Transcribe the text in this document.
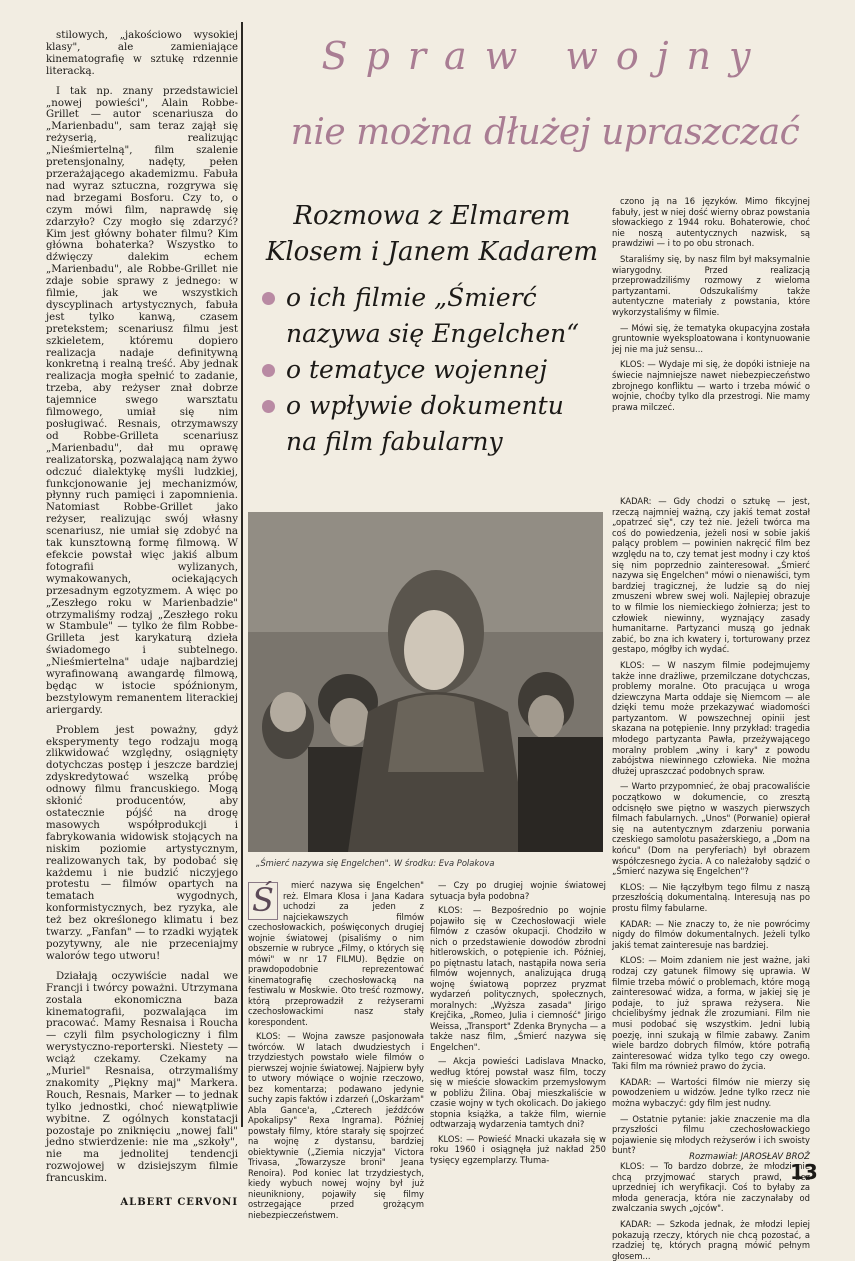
stilowych, „jakościowo wysokiej klasy", ale zamieniające kinematografię w sztukę rdzennie literacką.

I tak np. znany przedstawiciel „nowej powieści", Alain Robbe-Grillet — autor scenariusza do „Marienbadu", sam teraz zajął się reżyserią, realizując „Nieśmiertelną", film szalenie pretensjonalny, nadęty, pełen przerażającego akademizmu. Fabuła nad wyraz sztuczna, rozgrywa się nad brzegami Bosforu. Czy to, o czym mówi film, naprawdę się zdarzyło? Czy mogło się zdarzyć? Kim jest główny bohater filmu? Kim główna bohaterka? Wszystko to dźwięczy dalekim echem „Marienbadu", ale Robbe-Grillet nie zdaje sobie sprawy z jednego: w filmie, jak we wszystkich dyscyplinach artystycznych, fabuła jest tylko kanwą, czasem pretekstem; scenariusz filmu jest szkieletem, któremu dopiero realizacja nadaje definitywną konkretną i realną treść. Aby jednak realizacja mogła spełnić to zadanie, trzeba, aby reżyser znał dobrze tajemnice swego warsztatu filmowego, umiał się nim posługiwać. Resnais, otrzymawszy od Robbe-Grilleta scenariusz „Marienbadu", dał mu oprawę realizatorską, pozwalającą nam żywo odczuć dialektykę myśli ludzkiej, funkcjonowanie jej mechanizmów, płynny ruch pamięci i zapomnienia. Natomiast Robbe-Grillet jako reżyser, realizując swój własny scenariusz, nie umiał się zdobyć na tak kunsztowną formę filmową. W efekcie powstał więc jakiś album fotografii wylizanych, wymakowanych, ociekających przesadnym egzotyzmem. A więc po „Zeszłego roku w Marienbadzie" otrzymaliśmy rodzaj „Zeszłego roku w Stambule" — tylko że film Robbe-Grilleta jest karykaturą dzieła świadomego i subtelnego. „Nieśmiertelna" udaje najbardziej wyrafinowaną awangardę filmową, będąc w istocie spóźnionym, bezstylowym remanentem literackiej ariergardy.

Problem jest poważny, gdyż eksperymenty tego rodzaju mogą zlikwidować względny, osiągnięty dotychczas postęp i jeszcze bardziej zdyskredytować wszelką próbę odnowy filmu francuskiego. Mogą skłonić producentów, aby ostatecznie pójść na drogę masowych współprodukcji i fabrykowania widowisk stojących na niskim poziomie artystycznym, realizowanych tak, by podobać się każdemu i nie budzić niczyjego protestu — filmów opartych na tematach wygodnych, konformistycznych, bez ryzyka, ale też bez określonego klimatu i bez twarzy. „Fanfan" — to rzadki wyjątek pozytywny, ale nie przeceniajmy walorów tego utworu!

Działają oczywiście nadal we Francji i twórcy poważni. Utrzymana zostala ekonomiczna baza kinematografii, pozwalająca im pracować. Mamy Resnaisa i Roucha — czyli film psychologiczny i film werystyczno-reporterski. Niestety — wciąż czekamy. Czekamy na „Muriel" Resnaisa, otrzymaliśmy znakomity „Piękny maj" Markera. Rouch, Resnais, Marker — to jednak tylko jednostki, choć niewątpliwie wybitne. Z ogólnych konstatacji pozostaje po zniknięciu „nowej fali" jedno stwierdzenie: nie ma „szkoły", nie ma jednolitej tendencji rozwojowej w dzisiejszym filmie francuskim.

ALBERT CERVONI
Spraw wojny
nie można dłużej upraszczać
Rozmowa z Elmarem Klosem i Janem Kadarem
o ich filmie „Śmierć nazywa się Engelchen“
o tematyce wojennej
o wpływie dokumentu na film fabularny

czono ją na 16 języków. Mimo fikcyjnej fabuły, jest w niej dość wierny obraz powstania słowackiego z 1944 roku. Bohaterowie, choć nie noszą autentycznych nazwisk, są prawdziwi — i to po obu stronach.

Staraliśmy się, by nasz film był maksymalnie wiarygodny. Przed realizacją przeprowadziliśmy rozmowy z wieloma partyzantami. Odszukaliśmy także autentyczne materiały z powstania, które wykorzystaliśmy w filmie.

— Mówi się, że tematyka okupacyjna została gruntownie wyeksploatowana i kontynuowanie jej nie ma już sensu...

KLOS: — Wydaje mi się, że dopóki istnieje na świecie najmniejsze nawet niebezpieczeństwo zbrojnego konfliktu — warto i trzeba mówić o wojnie, choćby tylko dla przestrogi. Nie mamy prawa milczeć.

KADAR: — Gdy chodzi o sztukę — jest, rzeczą najmniej ważną, czy jakiś temat został „opatrzeć się", czy też nie. Jeżeli twórca ma coś do powiedzenia, jeżeli nosi w sobie jakiś palący problem — powinien nakręcić film bez względu na to, czy temat jest modny i czy ktoś się nim poprzednio zainteresował. „Śmierć nazywa się Engelchen" mówi o nienawiści, tym bardziej tragicznej, że ludzie są do niej zmuszeni wbrew swej woli. Najlepiej obrazuje to w filmie los niemieckiego żołnierza; jest to człowiek niewinny, wyznający zasady humanitarne. Partyzanci muszą go jednak zabić, bo zna ich kwatery i, torturowany przez gestapo, mógłby ich wydać.

KLOS: — W naszym filmie podejmujemy także inne drażliwe, przemilczane dotychczas, problemy moralne. Oto pracująca u wroga dziewczyna Marta oddaje się Niemcom — ale dzięki temu może przekazywać wiadomości partyzantom. W powszechnej opinii jest skazana na potępienie. Inny przykład: tragedia młodego partyzanta Pawła, przeżywającego moralny problem „winy i kary" z powodu zabójstwa niewinnego człowieka. Nie można dłużej upraszczać podobnych spraw.

— Warto przypomnieć, że obaj pracowaliście początkowo w dokumencie, co zresztą odcisnęło swe piętno w waszych pierwszych filmach fabularnych. „Unos" (Porwanie) opierał się na autentycznym zdarzeniu porwania czeskiego samolotu pasażerskiego, a „Dom na końcu" (Dom na peryferiach) był obrazem współczesnego życia. A co należałoby sądzić o „Śmierć nazywa się Engelchen"?

KLOS: — Nie łączyłbym tego filmu z naszą przeszłością dokumentalną. Interesują nas po prostu filmy fabularne.

KADAR: — Nie znaczy to, że nie powrócimy nigdy do filmów dokumentalnych. Jeżeli tylko jakiś temat zainteresuje nas bardziej.

KLOS: — Moim zdaniem nie jest ważne, jaki rodzaj czy gatunek filmowy się uprawia. W filmie trzeba mówić o problemach, które mogą zainteresować widza, a forma, w jakiej się je podaje, to już sprawa reżysera. Nie chcielibyśmy jednak źle zrozumiani. Film nie musi podobać się wszystkim. Jedni lubią poezję, inni szukają w filmie zabawy. Zanim wiele bardzo dobrych filmów, które potrafią zainteresować widza tylko tego czy owego. Taki film ma również prawo do życia.

KADAR: — Wartości filmów nie mierzy się powodzeniem u widzów. Jedne tylko rzecz nie można wybaczyć: gdy film jest nudny.

— Ostatnie pytanie: jakie znaczenie ma dla przyszłości filmu czechosłowackiego pojawienie się młodych reżyserów i ich swoisty bunt?

KLOS: — To bardzo dobrze, że młodzi nie chcą przyjmować starych prawd, bez uprzedniej ich weryfikacji. Coś to byłaby za młoda generacja, która nie zaczynałaby od zwalczania swych „ojców".

KADAR: — Szkoda jednak, że młodzi lepiej pokazują rzeczy, których nie chcą pozostać, a rzadziej tę, których pragną mówić pełnym głosem...

„Śmierć nazywa się Engelchen". W środku: Eva Polakova
Ś	mierć nazywa się Engelchen" reż. Elmara Klosa i Jana Kadara uchodzi za jeden z najciekawszych filmów czechosłowackich, poświęconych drugiej wojnie światowej (pisaliśmy o nim obszernie w rubryce „Filmy, o których się mówi" w nr 17 FILMU). Będzie on prawdopodobnie reprezentować kinematografię czechosłowacką na festiwalu w Moskwie. Oto treść rozmowy, którą przeprowadził z reżyserami czechosłowackimi nasz stały korespondent.

KLOS: — Wojna zawsze pasjonowała twórców. W latach dwudziestych i trzydziestych powstało wiele filmów o pierwszej wojnie światowej. Najpierw były to utwory mówiące o wojnie rzeczowo, bez komentarza; podawano jedynie suchy zapis faktów i zdarzeń („Oskarżam" Abla Gance'a, „Czterech jeźdźców Apokalipsy" Rexa Ingrama). Później powstały filmy, które starały się spojrzeć na wojnę z dystansu, bardziej obiektywnie („Ziemia niczyja" Victora Trivasa, „Towarzysze broni" Jeana Renoira). Pod koniec lat trzydziestych, kiedy wybuch nowej wojny był już nieunikniony, pojawiły się filmy ostrzegające przed grożącym niebezpieczeństwem.

— Czy po drugiej wojnie światowej sytuacja była podobna?

KLOS: — Bezpośrednio po wojnie pojawiło się w Czechosłowacji wiele filmów z czasów okupacji. Chodziło w nich o przedstawienie dowodów zbrodni hitlerowskich, o potępienie ich. Później, po piętnastu latach, nastąpiła nowa seria filmów wojennych, analizująca drugą wojnę światową poprzez pryzmat wydarzeń politycznych, społecznych, moralnych: „Wyższa zasada" Jirigo Krejčika, „Romeo, Julia i ciemność" Jirigo Weissa, „Transport" Zdenka Brynycha — a także nasz film, „Śmierć nazywa się Engelchen".

— Akcja powieści Ladislava Mnacko, według której powstał wasz film, toczy się w mieście słowackim przemysłowym w pobliżu Žilina. Obaj mieszkaliście w czasie wojny w tych okolicach. Do jakiego stopnia książka, a także film, wiernie odtwarzają wydarzenia tamtych dni?

KLOS: — Powieść Mnacki ukazała się w roku 1960 i osiągnęła już nakład 250 tysięcy egzemplarzy. Tłuma-	Rozmawiał: JAROSŁAV BROŽ
13
